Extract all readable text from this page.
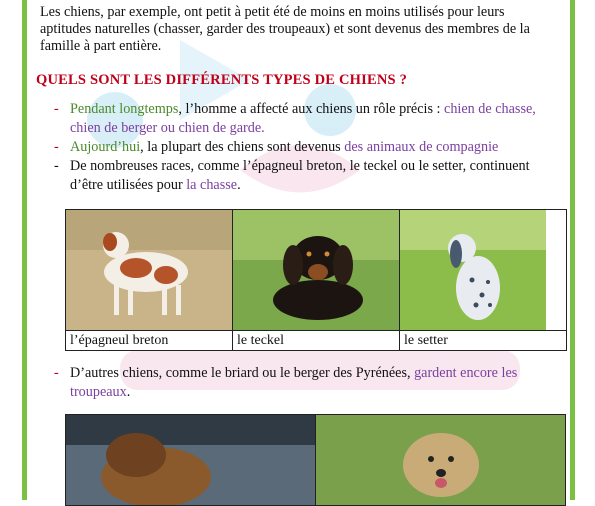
Les chiens, par exemple, ont petit à petit été de moins en moins utilisés pour leurs aptitudes naturelles (chasser, garder des troupeaux) et sont devenus des membres de la famille à part entière.
QUELS SONT LES DIFFÉRENTS TYPES DE CHIENS ?
- Pendant longtemps, l’homme a affecté aux chiens un rôle précis : chien de chasse, chien de berger ou chien de garde.
- Aujourd’hui, la plupart des chiens sont devenus des animaux de compagnie
- De nombreuses races, comme l’épagneul breton, le teckel ou le setter, continuent d’être utilisées pour la chasse.

l’épagneul breton	le teckel	le setter
- D’autres chiens, comme le briard ou le berger des Pyrénées, gardent encore les troupeaux.
